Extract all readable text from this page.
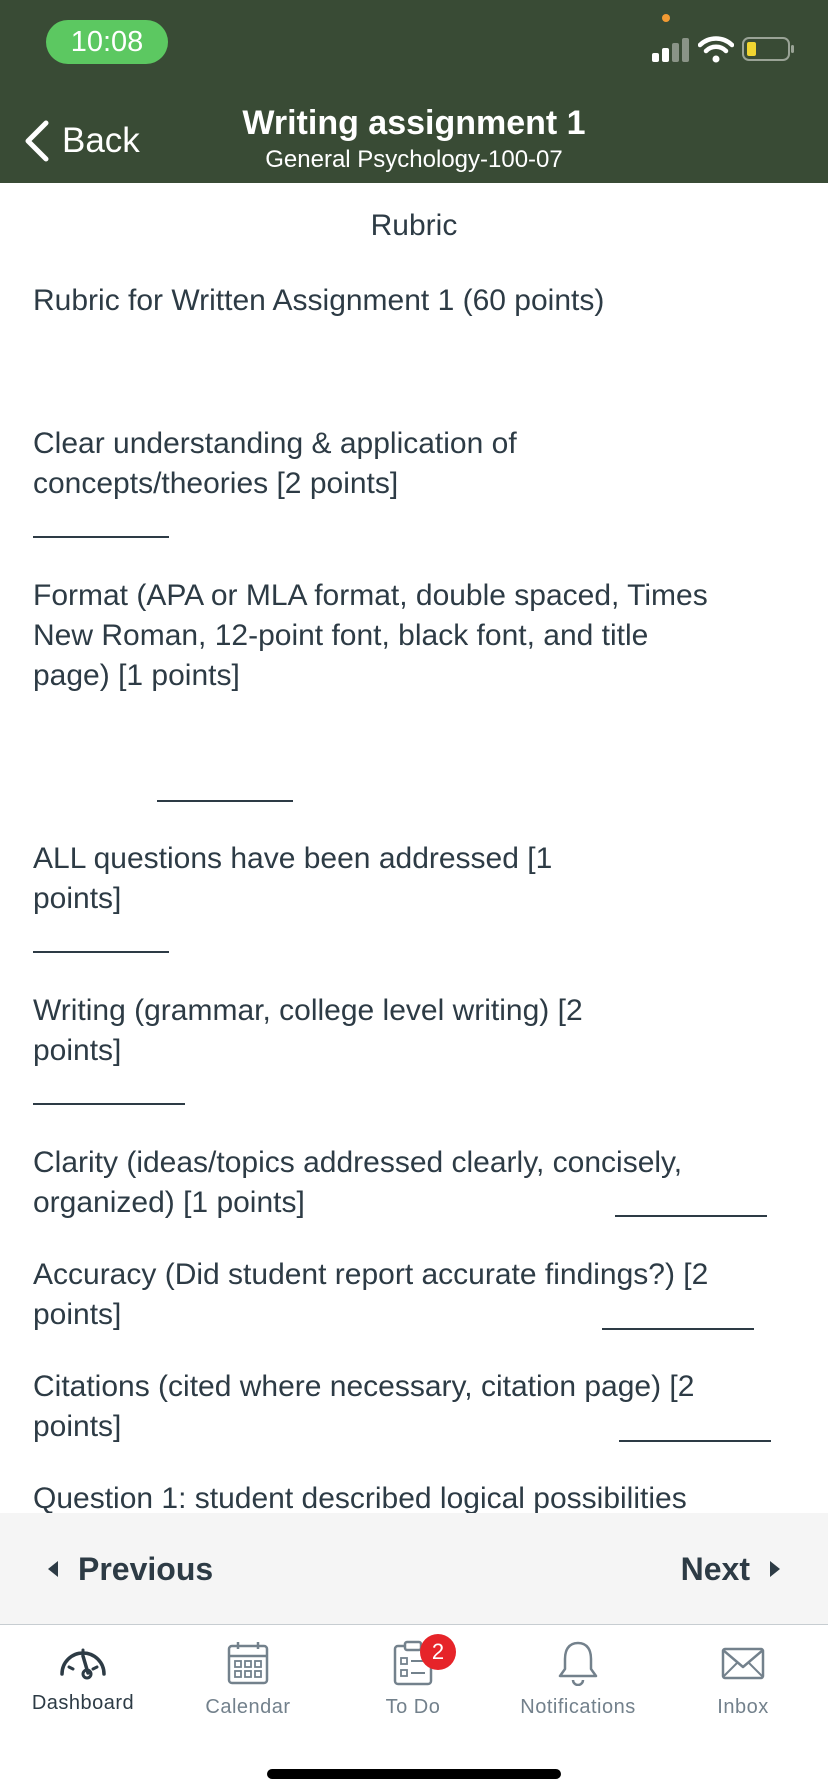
10:08
Back	Writing assignment 1
General Psychology-100-07
Rubric
Rubric for Written Assignment 1 (60 points)
Clear understanding & application of
concepts/theories [2 points]
Format (APA or MLA format, double spaced, Times
New Roman, 12-point font, black font, and title
page) [1 points]
ALL questions have been addressed [1
points]
Writing (grammar, college level writing) [2
points]
Clarity (ideas/topics addressed clearly, concisely,
organized) [1 points]
Accuracy (Did student report accurate findings?) [2
points]
Citations (cited where necessary, citation page) [2
points]
Question 1: student described logical possibilities
Previous	Next
Dashboard	Calendar
2
To Do	Notifications	Inbox
